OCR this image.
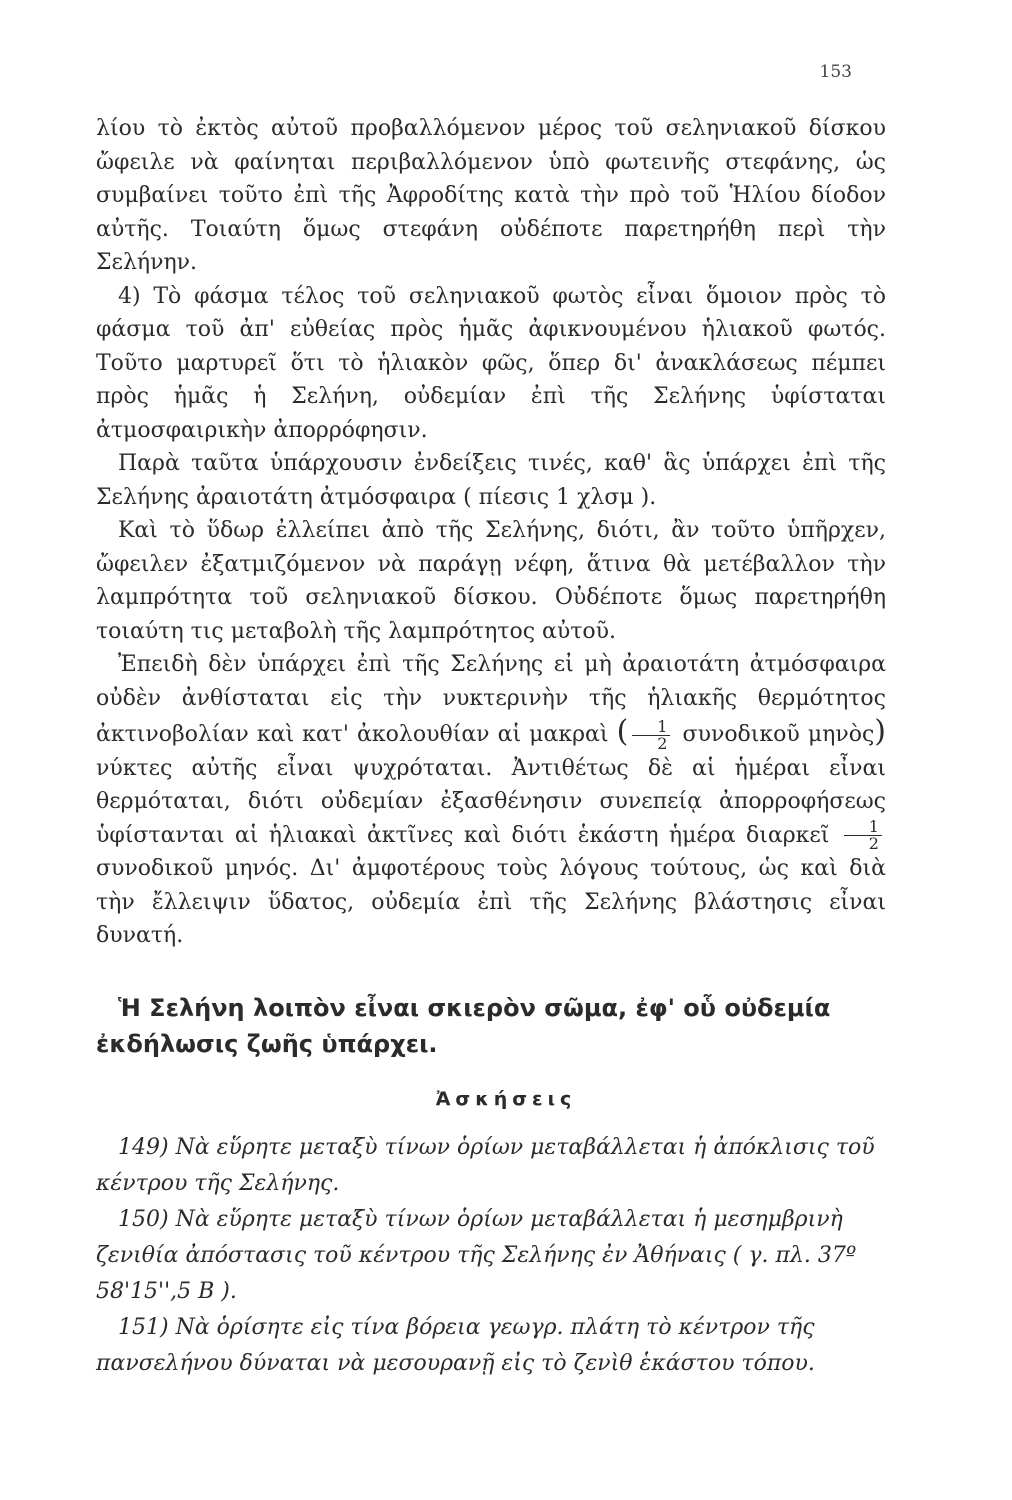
153

λίου τὸ ἐκτὸς αὐτοῦ προβαλλόμενον μέρος τοῦ σεληνιακοῦ δίσκου ὤφειλε νὰ φαίνηται περιβαλλόμενον ὑπὸ φωτεινῆς στεφάνης, ὡς συμβαίνει τοῦτο ἐπὶ τῆς Ἀφροδίτης κατὰ τὴν πρὸ τοῦ Ἡλίου δίοδον αὐτῆς. Τοιαύτη ὅμως στεφάνη οὐδέποτε παρετηρήθη περὶ τὴν Σελήνην.

4) Τὸ φάσμα τέλος τοῦ σεληνιακοῦ φωτὸς εἶναι ὅμοιον πρὸς τὸ φάσμα τοῦ ἀπ' εὐθείας πρὸς ἡμᾶς ἀφικνουμένου ἡλιακοῦ φωτός. Τοῦτο μαρτυρεῖ ὅτι τὸ ἡλιακὸν φῶς, ὅπερ δι' ἀνακλάσεως πέμπει πρὸς ἡμᾶς ἡ Σελήνη, οὐδεμίαν ἐπὶ τῆς Σελήνης ὑφίσταται ἀτμοσφαιρικὴν ἀπορρόφησιν.

Παρὰ ταῦτα ὑπάρχουσιν ἐνδείξεις τινές, καθ' ἃς ὑπάρχει ἐπὶ τῆς Σελήνης ἀραιοτάτη ἀτμόσφαιρα ( πίεσις 1 χλσμ ).

Καὶ τὸ ὕδωρ ἐλλείπει ἀπὸ τῆς Σελήνης, διότι, ἂν τοῦτο ὑπῆρχεν, ὤφειλεν ἐξατμιζόμενον νὰ παράγῃ νέφη, ἅτινα θὰ μετέβαλλον τὴν λαμπρότητα τοῦ σεληνιακοῦ δίσκου. Οὐδέποτε ὅμως παρετηρήθη τοιαύτη τις μεταβολὴ τῆς λαμπρότητος αὐτοῦ.

Ἐπειδὴ δὲν ὑπάρχει ἐπὶ τῆς Σελήνης εἰ μὴ ἀραιοτάτη ἀτμόσφαιρα οὐδὲν ἀνθίσταται εἰς τὴν νυκτερινὴν τῆς ἡλιακῆς θερμότητος ἀκτινοβολίαν καὶ κατ' ἀκολουθίαν αἱ μακραὶ ( $\frac{1}{2}$ συνοδικοῦ μηνὸς) νύκτες αὐτῆς εἶναι ψυχρόταται. Ἀντιθέτως δὲ αἱ ἡμέραι εἶναι θερμόταται, διότι οὐδεμίαν ἐξασθένησιν συνεπείᾳ ἀπορροφήσεως ὑφίστανται αἱ ἡλιακαὶ ἀκτῖνες καὶ διότι ἑκάστη ἡμέρα διαρκεῖ $\frac{1}{2}$
συνοδικοῦ μηνός. Δι' ἀμφοτέρους τοὺς λόγους τούτους, ὡς καὶ διὰ τὴν ἔλλειψιν ὕδατος, οὐδεμία ἐπὶ τῆς Σελήνης βλάστησις εἶναι δυνατή.

Ἡ Σελήνη λοιπὸν εἶναι σκιερὸν σῶμα, ἐφ' οὗ οὐδεμία ἐκδήλωσις ζωῆς ὑπάρχει.
Ἀσκήσεις

149) Νὰ εὕρητε μεταξὺ τίνων ὁρίων μεταβάλλεται ἡ ἀπόκλισις τοῦ κέντρου τῆς Σελήνης.

150) Νὰ εὕρητε μεταξὺ τίνων ὁρίων μεταβάλλεται ἡ μεσημβρινὴ ζενιθία ἀπόστασις τοῦ κέντρου τῆς Σελήνης ἐν Ἀθήναις ( γ. πλ. 37º 58'15'',5 Β ).

151) Νὰ ὁρίσητε εἰς τίνα βόρεια γεωγρ. πλάτη τὸ κέντρον τῆς πανσελήνου δύναται νὰ μεσουρανῇ εἰς τὸ ζενὶθ ἑκάστου τόπου.
